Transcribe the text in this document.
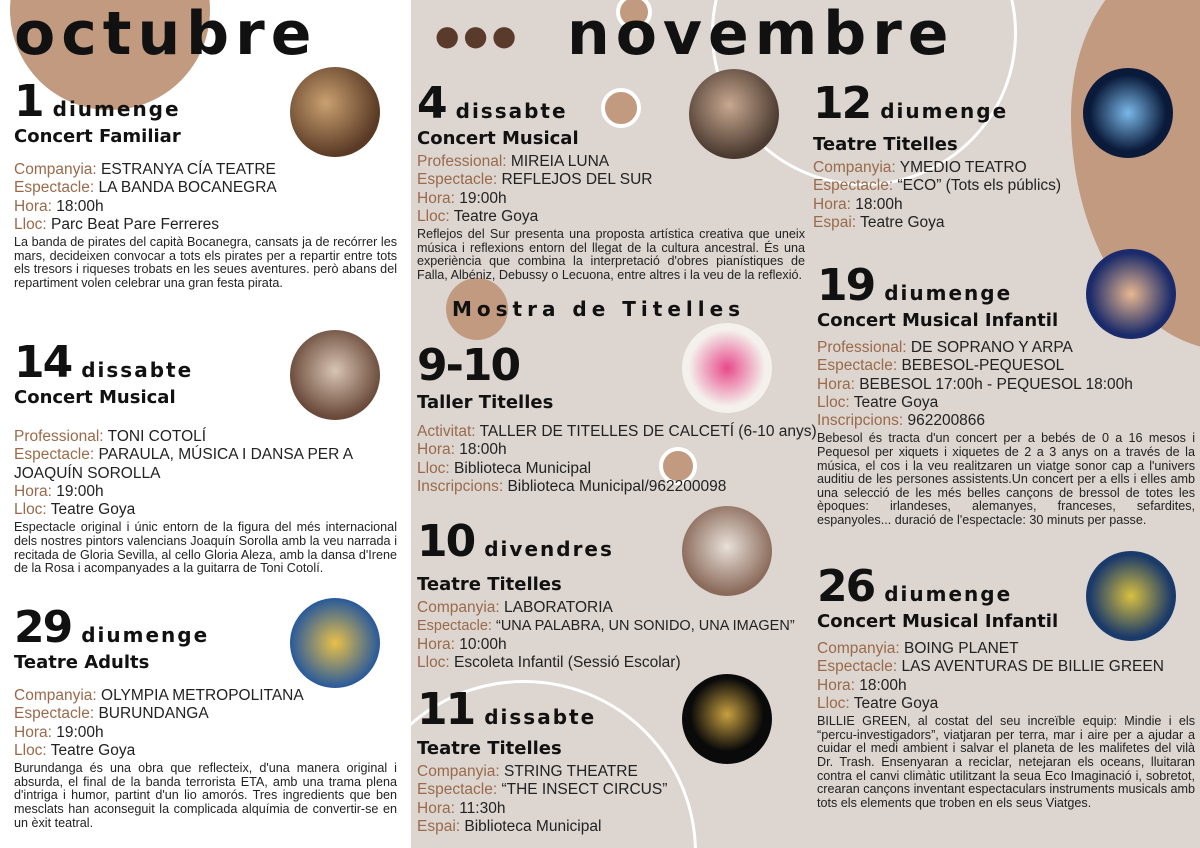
octubre	●●● novembre
Mostra de Titelles
1 diumenge
Concert Familiar
Companyia: ESTRANYA CÍA TEATRE
Espectacle: LA BANDA BOCANEGRA
Hora: 18:00h
Lloc: Parc Beat Pare Ferreres
La banda de pirates del capità Bocanegra, cansats ja de recórrer les mars, decideixen convocar a tots els pirates per a repartir entre tots els tresors i riqueses trobats en les seues aventures. però abans del repartiment volen celebrar una gran festa pirata.
14 dissabte
Concert Musical
Professional: TONI COTOLÍ
Espectacle: PARAULA, MÚSICA I DANSA PER A
JOAQUÍN SOROLLA
Hora: 19:00h
Lloc: Teatre Goya
Espectacle original i únic entorn de la figura del més internacional dels nostres pintors valencians Joaquín Sorolla amb la veu narrada i recitada de Gloria Sevilla, al cello Gloria Aleza, amb la dansa d'Irene de la Rosa i acompanyades a la guitarra de Toni Cotolí.
29 diumenge
Teatre Adults
Companyia: OLYMPIA METROPOLITANA
Espectacle: BURUNDANGA
Hora: 19:00h
Lloc: Teatre Goya
Burundanga és una obra que reflecteix, d'una manera original i absurda, el final de la banda terrorista ETA, amb una trama plena d'intriga i humor, partint d'un lio amorós. Tres ingredients que ben mesclats han aconseguit la complicada alquímia de convertir-se en un èxit teatral.
4 dissabte
Concert Musical
Professional: MIREIA LUNA
Espectacle: REFLEJOS DEL SUR
Hora: 19:00h
Lloc: Teatre Goya
Reflejos del Sur presenta una proposta artística creativa que uneix música i reflexions entorn del llegat de la cultura ancestral. És una experiència que combina la interpretació d'obres pianístiques de Falla, Albéniz, Debussy o Lecuona, entre altres i la veu de la reflexió.
9-10
Taller Titelles
Activitat: TALLER DE TITELLES DE CALCETÍ (6-10 anys)
Hora: 18:00h
Lloc: Biblioteca Municipal
Inscripcions: Biblioteca Municipal/962200098
10 divendres
Teatre Titelles
Companyia: LABORATORIA
Espectacle: “UNA PALABRA, UN SONIDO, UNA IMAGEN”
Hora: 10:00h
Lloc: Escoleta Infantil (Sessió Escolar)
11 dissabte
Teatre Titelles
Companyia: STRING THEATRE
Espectacle: “THE INSECT CIRCUS”
Hora: 11:30h
Espai: Biblioteca Municipal
12 diumenge
Teatre Titelles
Companyia: YMEDIO TEATRO
Espectacle: “ECO” (Tots els públics)
Hora: 18:00h
Espai: Teatre Goya
19 diumenge
Concert Musical Infantil
Professional: DE SOPRANO Y ARPA
Espectacle: BEBESOL-PEQUESOL
Hora: BEBESOL 17:00h - PEQUESOL 18:00h
Lloc: Teatre Goya
Inscripcions: 962200866
Bebesol és tracta d'un concert per a bebés de 0 a 16 mesos i Pequesol per xiquets i xiquetes de 2 a 3 anys on a través de la música, el cos i la veu realitzaren un viatge sonor cap a l'univers auditiu de les persones assistents.Un concert per a ells i elles amb una selecció de les més belles cançons de bressol de totes les èpoques: irlandeses, alemanyes, franceses, sefardites, espanyoles... duració de l'espectacle: 30 minuts per passe.
26 diumenge
Concert Musical Infantil
Companyia: BOING PLANET
Espectacle: LAS AVENTURAS DE BILLIE GREEN
Hora: 18:00h
Lloc: Teatre Goya
BILLIE GREEN, al costat del seu increïble equip: Mindie i els “percu-investigadors”, viatjaran per terra, mar i aire per a ajudar a cuidar el medi ambient i salvar el planeta de les malifetes del vilà Dr. Trash. Ensenyaran a reciclar, netejaran els oceans, lluitaran contra el canvi climàtic utilitzant la seua Eco Imaginació i, sobretot, crearan cançons inventant espectaculars instruments musicals amb tots els elements que troben en els seus Viatges.
